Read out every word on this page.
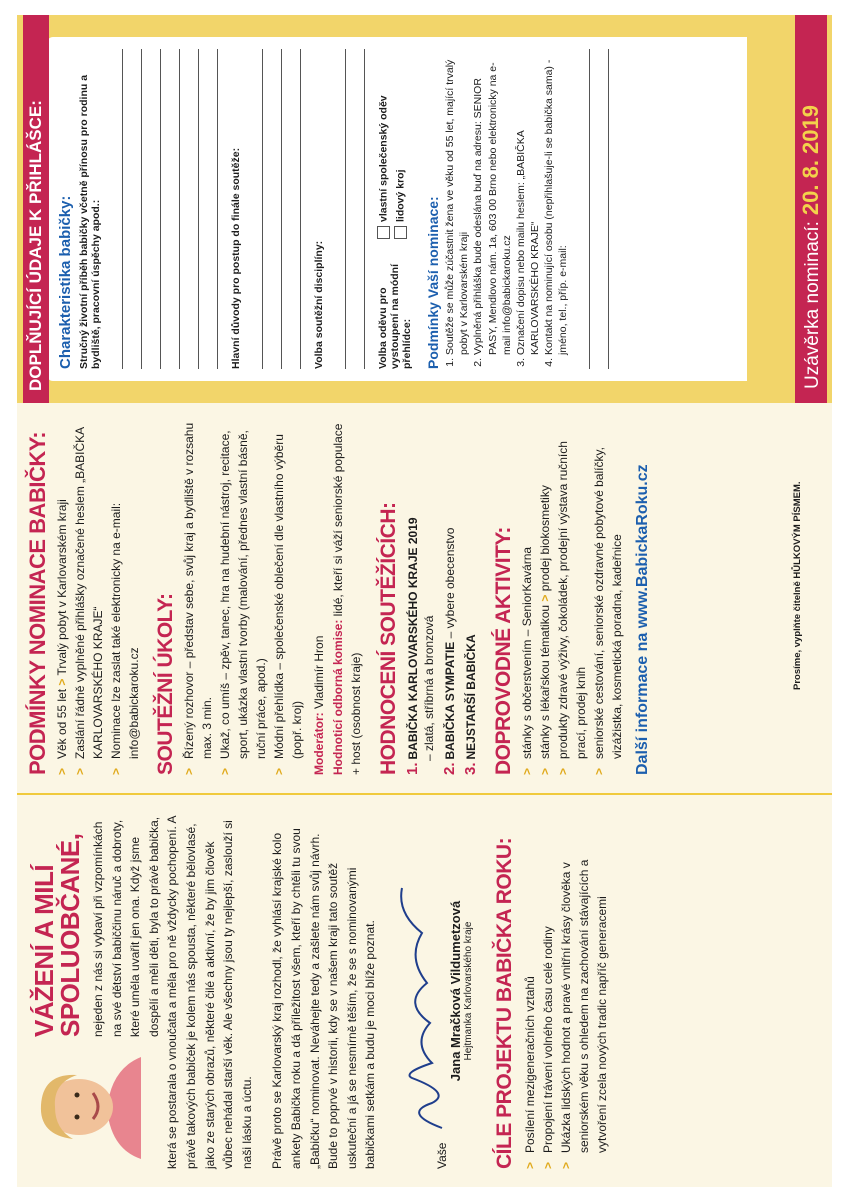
VÁŽENÍ A MILÍ SPOLUOBČANÉ, nejeden z nás si vybaví při vzpomínkách na své dětství babiččinu náruč a dobroty, které uměla uvařit jen ona. Když jsme dospělí a měli děti, byla to právě babička, která se postarala o vnoučata a měla pro ně vždycky pochopení. A právě takových babiček je kolem nás spousta, některé bělovlasé, jako ze starých obrazů, některé čilé a aktivní, že by jim člověk vůbec nehádal starší věk. Ale všechny jsou ty nejlepší, zaslouží si naši lásku a úctu. Právě proto se Karlovarský kraj rozhodl, že vyhlásí krajské kolo ankety Babička roku a dá příležitost všem, kteří by chtěli tu svou „Babičku“ nominovat. Neváhejte tedy a zašlete nám svůj návrh. Bude to poprvé v historii, kdy se v našem kraji tato soutěž uskuteční a já se nesmírně těším, že se s nominovanými babičkami setkám a budu je moci blíže poznat.	Vaše
Jana Mračková Vildumetzová Hejtmanka Karlovarského kraje CÍLE PROJEKTU BABIČKA ROKU: >
Posílení mezigeneračních vztahů
>
Propojení trávení volného času celé rodiny
>
Ukázka lidských hodnot a pravé vnitřní krásy člověka v seniorském věku s ohledem na zachování stávajících a vytvoření zcela nových tradic napříč generacemi
PODMÍNKY NOMINACE BABIČKY: >
Věk od 55 let > Trvalý pobyt v Karlovarském kraji
>
Zaslání řádně vyplněné přihlášky označené heslem „BABIČKA KARLOVARSKÉHO KRAJE“
>
Nominace lze zaslat také elektronicky na e-mail: info@babickaroku.cz SOUTĚŽNÍ ÚKOLY: >
Řízený rozhovor – představ sebe, svůj kraj a bydliště v rozsahu max. 3 min.
>
Ukaž, co umíš – zpěv, tanec, hra na hudební nástroj, recitace, sport, ukázka vlastní tvorby (malování, přednes vlastní básně, ruční práce, apod.)
>
Módní přehlídka – společenské oblečení dle vlastního výběru (popř. kroj) Moderátor: Vladimír Hron Hodnoticí odborná komise: lidé, kteří si váží seniorské populace + host (osobnost kraje) HODNOCENÍ SOUTĚŽÍCÍCH: 1.BABIČKA KARLOVARSKÉHO KRAJE 2019 – zlatá, stříbrná a bronzová
2.BABIČKA SYMPATIE – vybere obecenstvo
3.NEJSTARŠÍ BABIČKA DOPROVODNÉ AKTIVITY: >
stánky s občerstvením – SeniorKavárna
>
stánky s lékařskou tématikou > prodej biokosmetiky
>
produkty zdravé výživy, čokoládek, prodejní výstava ručních prací, prodej knih
>
seniorské cestování, seniorské ozdravné pobytové balíčky, vizážistka, kosmetická poradna, kadeřnice Další informace na www.BabickaRoku.cz

Charakteristika babičky: Stručný životní příběh babičky včetně přínosu pro rodinu a bydliště, pracovní úspěchy apod.:	Hlavní důvody pro postup do finále soutěže:	Volba soutěžní disciplíny:	Volba oděvu pro vystoupení na módní přehlídce:
vlastní společenský oděv lidový kroj
Podmínky Vaší nominace: 1. Soutěže se může zúčastnit žena ve věku od 55 let, mající trvalý pobyt v Karlovarském kraji 2. Vyplněná přihláška bude odeslána buď na adresu: SENIOR PASY, Mendlovo nám. 1a, 603 00 Brno nebo elektronicky na e-mail info@babickaroku.cz 3. Označení dopisu nebo mailu heslem: „BABIČKA KARLOVARSKÉHO KRAJE“ 4. Kontakt na nominující osobu (nepřihlašuje-li se babička sama) - jméno, tel., příp. e-mail:
DOPLŇUJÍCÍ ÚDAJE K PŘIHLÁŠCE:	Uzávěrka nominací:20. 8. 2019
Prosíme, vyplňte čitelně HŮLKOVÝM PÍSMEM.
